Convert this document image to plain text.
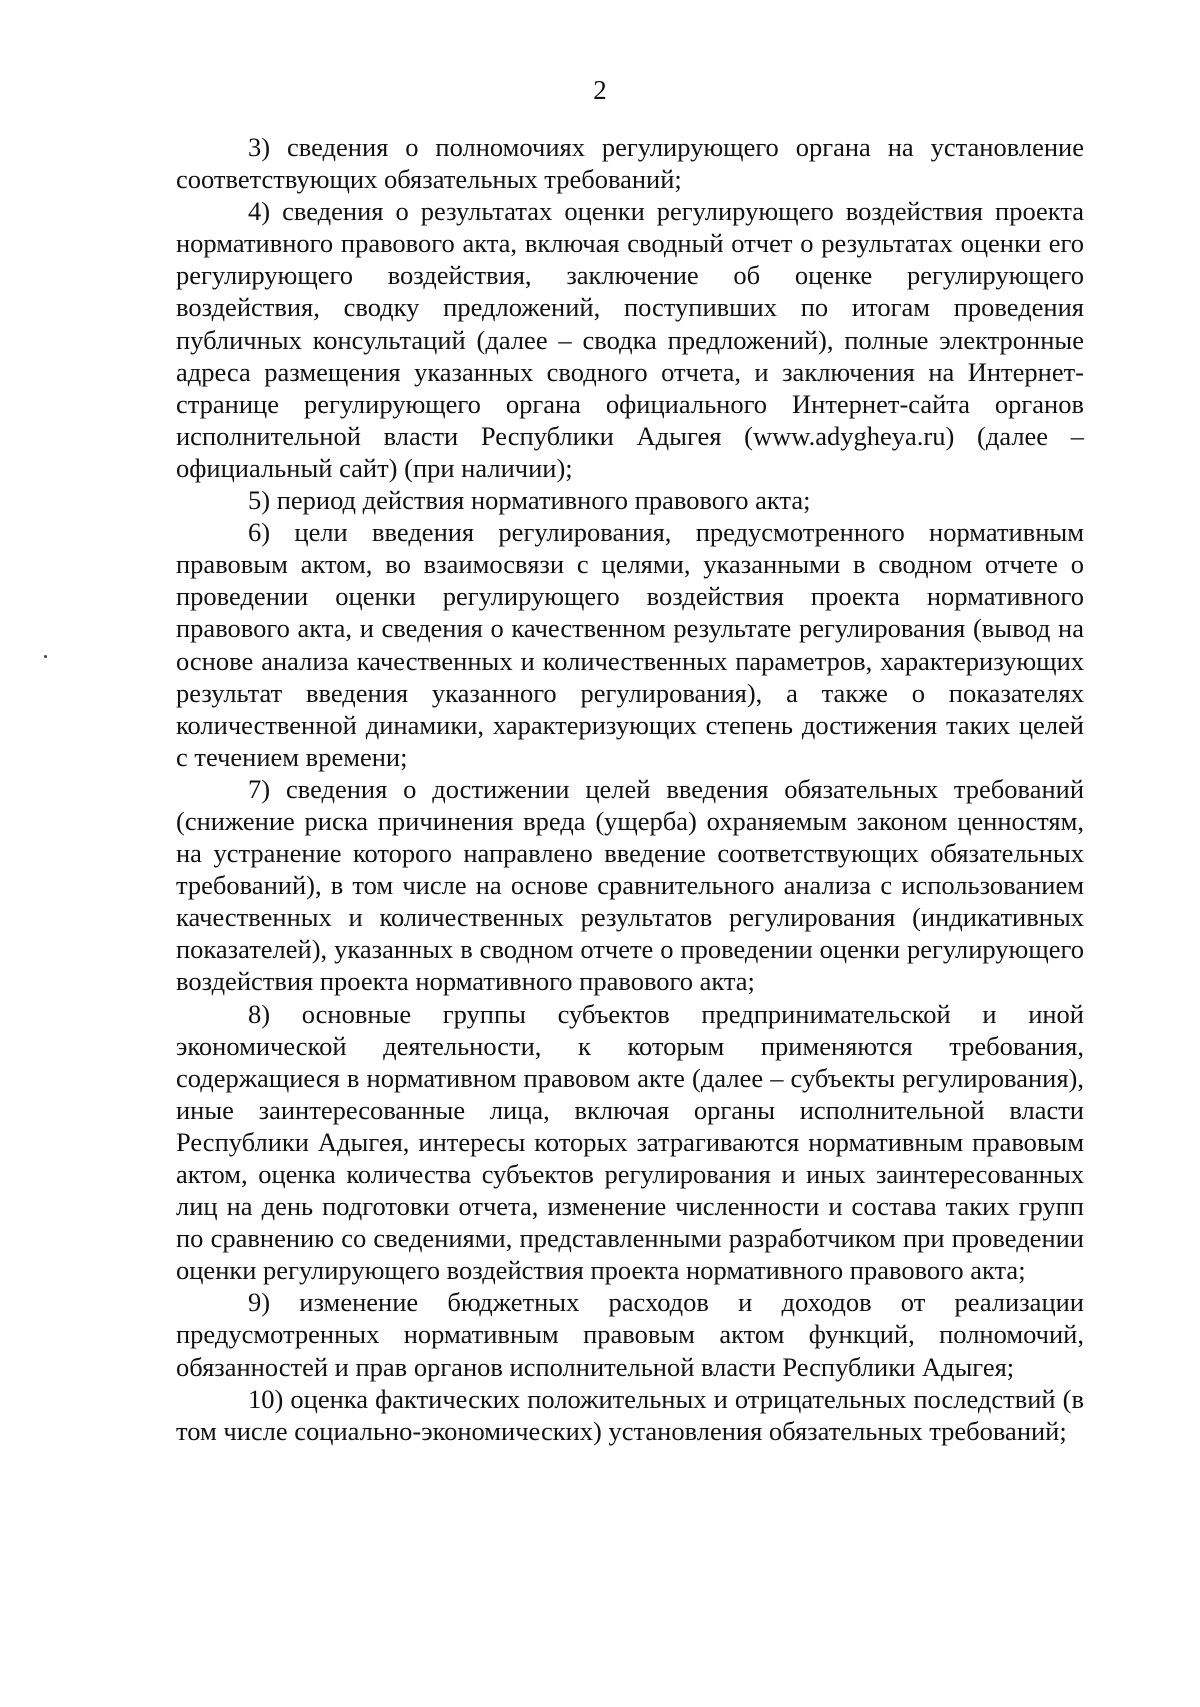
2

3) сведения о полномочиях регулирующего органа на установление соответствующих обязательных требований;

4) сведения о результатах оценки регулирующего воздействия проекта нормативного правового акта, включая сводный отчет о результатах оценки его регулирующего воздействия, заключение об оценке регулирующего воздействия, сводку предложений, поступивших по итогам проведения публичных консультаций (далее – сводка предложений), полные электронные адреса размещения указанных сводного отчета, и заключения на Интернет-странице регулирующего органа официального Интернет-сайта органов исполнительной власти Республики Адыгея (www.adygheya.ru) (далее – официальный сайт) (при наличии);

5) период действия нормативного правового акта;

6) цели введения регулирования, предусмотренного нормативным правовым актом, во взаимосвязи с целями, указанными в сводном отчете о проведении оценки регулирующего воздействия проекта нормативного правового акта, и сведения о качественном результате регулирования (вывод на основе анализа качественных и количественных параметров, характеризующих результат введения указанного регулирования), а также о показателях количественной динамики, характеризующих степень достижения таких целей с течением времени;

7) сведения о достижении целей введения обязательных требований (снижение риска причинения вреда (ущерба) охраняемым законом ценностям, на устранение которого направлено введение соответствующих обязательных требований), в том числе на основе сравнительного анализа с использованием качественных и количественных результатов регулирования (индикативных показателей), указанных в сводном отчете о проведении оценки регулирующего воздействия проекта нормативного правового акта;

8) основные группы субъектов предпринимательской и иной экономической деятельности, к которым применяются требования, содержащиеся в нормативном правовом акте (далее – субъекты регулирования), иные заинтересованные лица, включая органы исполнительной власти Республики Адыгея, интересы которых затрагиваются нормативным правовым актом, оценка количества субъектов регулирования и иных заинтересованных лиц на день подготовки отчета, изменение численности и состава таких групп по сравнению со сведениями, представленными разработчиком при проведении оценки регулирующего воздействия проекта нормативного правового акта;

9) изменение бюджетных расходов и доходов от реализации предусмотренных нормативным правовым актом функций, полномочий, обязанностей и прав органов исполнительной власти Республики Адыгея;

10) оценка фактических положительных и отрицательных последствий (в том числе социально-экономических) установления обязательных требований;
